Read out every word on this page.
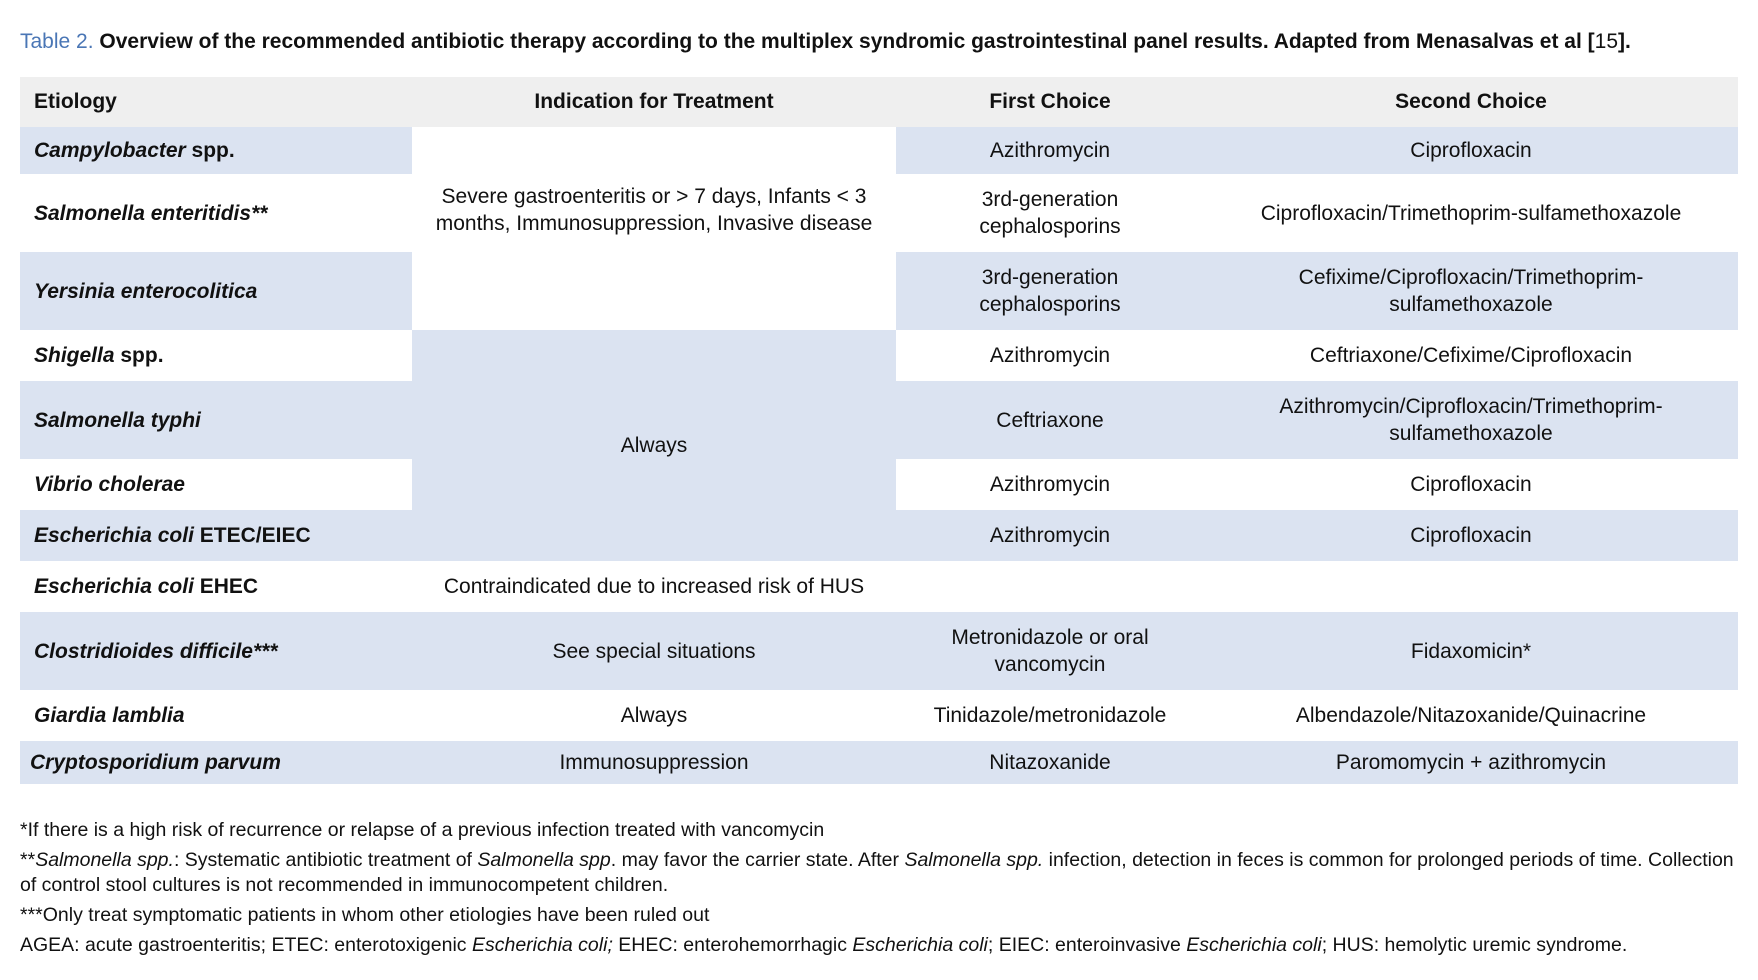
Table 2. Overview of the recommended antibiotic therapy according to the multiplex syndromic gastrointestinal panel results. Adapted from Menasalvas et al [15].
Etiology	Indication for Treatment	First Choice	Second Choice
Campylobacter spp.	Severe gastroenteritis or > 7 days, Infants < 3 months, Immunosuppression, Invasive disease	Azithromycin	Ciprofloxacin
Salmonella enteritidis**		3rd-generation cephalosporins	Ciprofloxacin/Trimethoprim-sulfamethoxazole
Yersinia enterocolitica		3rd-generation cephalosporins	Cefixime/Ciprofloxacin/Trimethoprim-sulfamethoxazole
Shigella spp.	Always	Azithromycin	Ceftriaxone/Cefixime/Ciprofloxacin
Salmonella typhi		Ceftriaxone	Azithromycin/Ciprofloxacin/Trimethoprim-sulfamethoxazole
Vibrio cholerae		Azithromycin	Ciprofloxacin
Escherichia coli ETEC/EIEC		Azithromycin	Ciprofloxacin
Escherichia coli EHEC	Contraindicated due to increased risk of HUS		
Clostridioides difficile***	See special situations	Metronidazole or oral vancomycin	Fidaxomicin*
Giardia lamblia	Always	Tinidazole/metronidazole	Albendazole/Nitazoxanide/Quinacrine
Cryptosporidium parvum	Immunosuppression	Nitazoxanide	Paromomycin + azithromycin

*If there is a high risk of recurrence or relapse of a previous infection treated with vancomycin

**Salmonella spp.: Systematic antibiotic treatment of Salmonella spp. may favor the carrier state. After Salmonella spp. infection, detection in feces is common for prolonged periods of time. Collection of control stool cultures is not recommended in immunocompetent children.

***Only treat symptomatic patients in whom other etiologies have been ruled out

AGEA: acute gastroenteritis; ETEC: enterotoxigenic Escherichia coli; EHEC: enterohemorrhagic Escherichia coli; EIEC: enteroinvasive Escherichia coli; HUS: hemolytic uremic syndrome.
